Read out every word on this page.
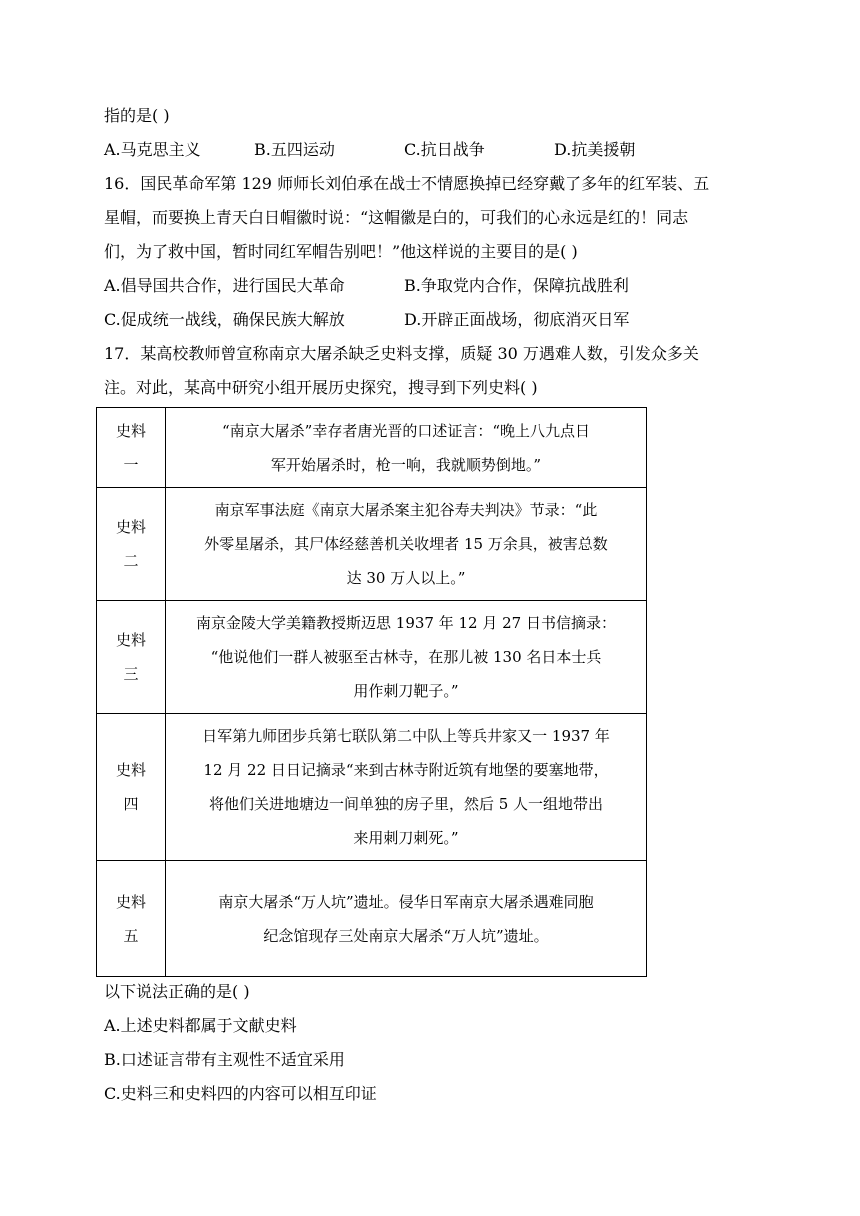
指的是( )
A.马克思主义	B.五四运动	C.抗日战争	D.抗美援朝
16．国民革命军第 129 师师长刘伯承在战士不情愿换掉已经穿戴了多年的红军装、五
星帽，而要换上青天白日帽徽时说：“这帽徽是白的，可我们的心永远是红的！同志
们，为了救中国，暂时同红军帽告别吧！”他这样说的主要目的是( )
A.倡导国共合作，进行国民大革命	B.争取党内合作，保障抗战胜利
C.促成统一战线，确保民族大解放	D.开辟正面战场，彻底消灭日军
17．某高校教师曾宣称南京大屠杀缺乏史料支撑，质疑 30 万遇难人数，引发众多关
注。对此，某高中研究小组开展历史探究，搜寻到下列史料( )
史料一	“南京大屠杀”幸存者唐光晋的口述证言：“晚上八九点日
军开始屠杀时，枪一响，我就顺势倒地。”

史料二	南京军事法庭《南京大屠杀案主犯谷寿夫判决》节录：“此
外零星屠杀，其尸体经慈善机关收埋者 15 万余具，被害总数
达 30 万人以上。”

史料三	南京金陵大学美籍教授斯迈思 1937 年 12 月 27 日书信摘录：
“他说他们一群人被驱至古林寺，在那儿被 130 名日本士兵
用作刺刀靶子。”

史料四	日军第九师团步兵第七联队第二中队上等兵井家又一 1937 年
12 月 22 日日记摘录“来到古林寺附近筑有地堡的要塞地带，
将他们关进地塘边一间单独的房子里，然后 5 人一组地带出
来用刺刀刺死。”

史料五	南京大屠杀“万人坑”遗址。侵华日军南京大屠杀遇难同胞
纪念馆现存三处南京大屠杀“万人坑”遗址。
以下说法正确的是( )
A.上述史料都属于文献史料
B.口述证言带有主观性不适宜采用
C.史料三和史料四的内容可以相互印证
